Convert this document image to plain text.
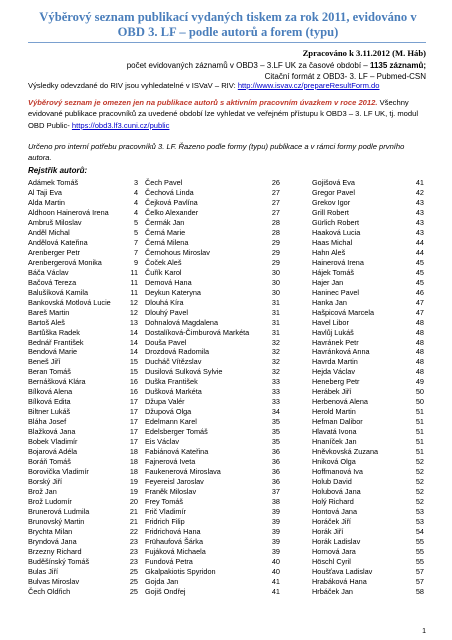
Výběrový seznam publikací vydaných tiskem za rok 2011, evidováno v OBD 3. LF – podle autorů a forem (typu)
Zpracováno k 3.11.2012 (M. Háb)
počet evidovaných záznamů v OBD3 – 3.LF UK za časové období – 1135 záznamů;
Citační formát z OBD3- 3. LF – Pubmed-CSN
Výsledky odevzdané do RIV jsou vyhledatelné v ISVaV – RIV: http://www.isvav.cz/prepareResultForm.do
Výběrový seznam je omezen jen na publikace autorů s aktivním pracovním úvazkem v roce 2012. Všechny evidované publikace pracovníků za uvedené období lze vyhledat ve veřejném přístupu k OBD3 – 3. LF UK, tj. modul OBD Public- https://obd3.lf3.cuni.cz/public
Určeno pro interní potřebu pracovníků 3. LF. Řazeno podle formy (typu) publikace a v rámci formy podle prvního autora.
Rejstřík autorů:
Adámek Tomáš	3
Al Taji Eva	4
Alda Martin	4
Aldhoon Hainerová Irena	4
Ambruš Miloslav	5
Anděl Michal	5
Andělová Kateřina	7
Arenberger Petr	7
Arenbergerová Monika	9
Báča Václav	11
Bačová Tereza	11
Balušíková Kamila	11
Bankovská Motlová Lucie	12
Bareš Martin	12
Bartoš Aleš	13
Bartůška Radek	14
Bednář František	14
Bendová Marie	14
Beneš Jiří	15
Beran Tomáš	15
Bernášková Klára	16
Bílková Alena	16
Bílková Edita	17
Biltner Lukáš	17
Bláha Josef	17
Blažková Jana	17
Bobek Vladimír	17
Bojarová Adéla	18
Boráň Tomáš	18
Borovička Vladimír	18
Borský Jiří	19
Brož Jan	19
Brož Ludomír	20
Brunerová Ludmila	21
Brunovský Martin	21
Brychta Milan	22
Bryndová Jana	23
Brzezny Richard	23
Buděšínský Tomáš	23
Bulas Jiří	25
Bulvas Miroslav	25
Čech Oldřich	25
Čech Pavel	26
Čechová Linda	27
Čejková Pavlína	27
Čelko Alexander	27
Čermák Jan	28
Černá Marie	28
Černá Milena	29
Černohous Miroslav	29
Čoček Aleš	29
Čuřík Karol	30
Demová Hana	30
Deykun Kateryna	30
Dlouhá Kíra	31
Dlouhý Pavel	31
Dohnalová Magdalena	31
Dostalíková-Čimburová Markéta	31
Douša Pavel	32
Drozdová Radomila	32
Ducháč Vítězslav	32
Dusilová Sulková Sylvie	32
Duška František	33
Dušková Markéta	33
Džupa Valér	33
Džupová Olga	34
Edelmann Karel	35
Edelsberger Tomáš	35
Eis Václav	35
Fabiánová Kateřina	36
Fajnerová Iveta	36
Faukenerová Miroslava	36
Feyereisl Jaroslav	36
Franěk Miloslav	37
Frey Tomáš	38
Frič Vladimír	39
Fridrich Filip	39
Fridrichová Hana	39
Frühaufová Šárka	39
Fujáková Michaela	39
Fundová Petra	40
Gkalpakiotis Spyridon	40
Gojda Jan	41
Gojiš Ondřej	41
Gojišová Eva	41
Gregor Pavel	42
Grekov Igor	43
Grill Robert	43
Gürlich Robert	43
Haaková Lucia	43
Haas Michal	44
Hahn Aleš	44
Hainerová Irena	45
Hájek Tomáš	45
Hajer Jan	45
Haninec Pavel	46
Hanka Jan	47
Hašpicová Marcela	47
Havel Libor	48
Havlůj Lukáš	48
Havránek Petr	48
Havránková Anna	48
Havrda Martin	48
Hejda Václav	48
Heneberg Petr	49
Herábek Jiří	50
Herbenová Alena	50
Herold Martin	51
Hefman Dalibor	51
Hlavatá Ivona	51
Hnaníček Jan	51
Hněvkovská Zuzana	51
Hniková Olga	52
Hoffmanová Iva	52
Holub David	52
Holubová Jana	52
Holý Richard	52
Hontová Jana	53
Horáček Jiří	53
Horák Jiří	54
Horák Ladislav	55
Hornová Jara	55
Höschl Cyril	55
Houšťava Ladislav	57
Hrabáková Hana	57
Hrbáček Jan	58
1
